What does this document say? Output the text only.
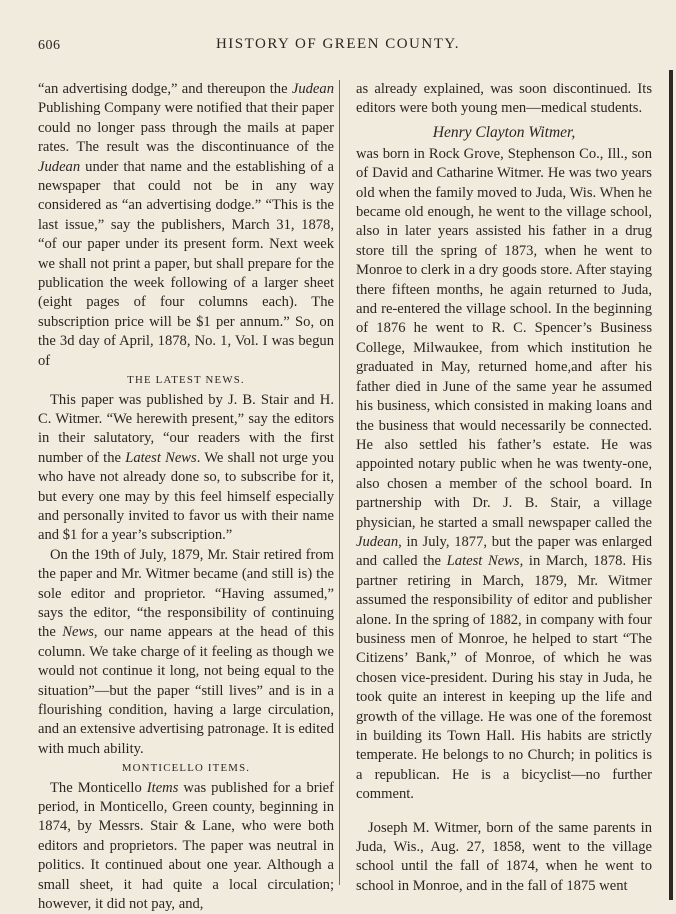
606	HISTORY OF GREEN COUNTY.

“an advertising dodge,” and thereupon the Judean Publishing Company were notified that their paper could no longer pass through the mails at paper rates. The result was the discontinuance of the Judean under that name and the establishing of a newspaper that could not be in any way considered as “an advertising dodge.” “This is the last issue,” say the publishers, March 31, 1878, “of our paper under its present form. Next week we shall not print a paper, but shall prepare for the publication the week following of a larger sheet (eight pages of four columns each). The subscription price will be $1 per annum.” So, on the 3d day of April, 1878, No. 1, Vol. I was begun of

THE LATEST NEWS.

This paper was published by J. B. Stair and H. C. Witmer. “We herewith present,” say the editors in their salutatory, “our readers with the first number of the Latest News. We shall not urge you who have not already done so, to subscribe for it, but every one may by this feel himself especially and personally invited to favor us with their name and $1 for a year’s subscription.”

On the 19th of July, 1879, Mr. Stair retired from the paper and Mr. Witmer became (and still is) the sole editor and proprietor. “Having assumed,” says the editor, “the responsibility of continuing the News, our name appears at the head of this column. We take charge of it feeling as though we would not continue it long, not being equal to the situation”—but the paper “still lives” and is in a flourishing condition, having a large circulation, and an extensive advertising patronage. It is edited with much ability.

MONTICELLO ITEMS.

The Monticello Items was published for a brief period, in Monticello, Green county, beginning in 1874, by Messrs. Stair & Lane, who were both editors and proprietors. The paper was neutral in politics. It continued about one year. Although a small sheet, it had quite a local circulation; however, it did not pay, and,

as already explained, was soon discontinued. Its editors were both young men—medical students.

Henry Clayton Witmer,

was born in Rock Grove, Stephenson Co., Ill., son of David and Catharine Witmer. He was two years old when the family moved to Juda, Wis. When he became old enough, he went to the village school, also in later years assisted his father in a drug store till the spring of 1873, when he went to Monroe to clerk in a dry goods store. After staying there fifteen months, he again returned to Juda, and re-entered the village school. In the beginning of 1876 he went to R. C. Spencer’s Business College, Milwaukee, from which institution he graduated in May, returned home,and after his father died in June of the same year he assumed his business, which consisted in making loans and the business that would necessarily be connected. He also settled his father’s estate. He was appointed notary public when he was twenty-one, also chosen a member of the school board. In partnership with Dr. J. B. Stair, a village physician, he started a small newspaper called the Judean, in July, 1877, but the paper was enlarged and called the Latest News, in March, 1878. His partner retiring in March, 1879, Mr. Witmer assumed the responsibility of editor and publisher alone. In the spring of 1882, in company with four business men of Monroe, he helped to start “The Citizens’ Bank,” of Monroe, of which he was chosen vice-president. During his stay in Juda, he took quite an interest in keeping up the life and growth of the village. He was one of the foremost in building its Town Hall. His habits are strictly temperate. He belongs to no Church; in politics is a republican. He is a bicyclist—no further comment.

Joseph M. Witmer, born of the same parents in Juda, Wis., Aug. 27, 1858, went to the village school until the fall of 1874, when he went to school in Monroe, and in the fall of 1875 went
